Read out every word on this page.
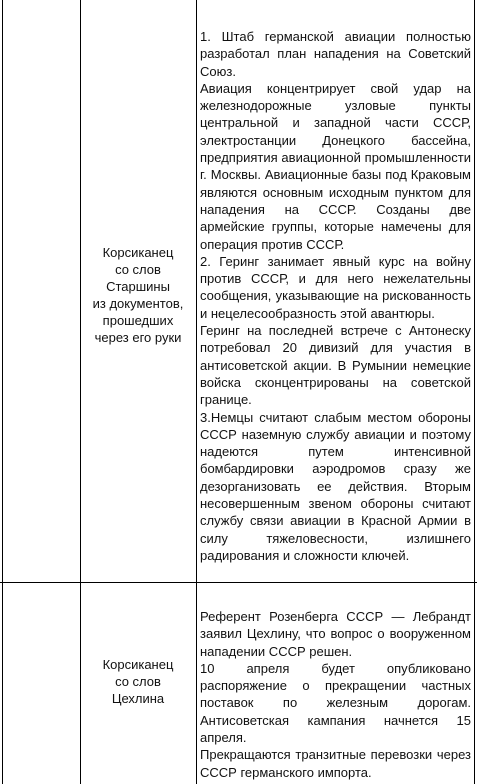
Корсиканец
со слов
Старшины
из документов,
прошедших
через его руки

1. Штаб германской авиации полностью разработал план нападения на Советский Союз.

Авиация концентрирует свой удар на железнодорожные узловые пункты центральной и западной части СССР, электростанции Донецкого бассейна, предприятия авиационной промышленности г. Москвы. Авиационные базы под Краковым являются основным исходным пунктом для нападения на СССР. Созданы две армейские группы, которые намечены для операция против СССР.

2. Геринг занимает явный курс на войну против СССР, и для него нежелательны сообщения, указывающие на рискованность и нецелесообразность этой авантюры.

Геринг на последней встрече с Антонеску потребовал 20 дивизий для участия в антисоветской акции. В Румынии немецкие войска сконцентрированы на советской границе.

3.Немцы считают слабым местом обороны СССР наземную службу авиации и поэтому надеются путем интенсивной бомбардировки аэродромов сразу же дезорганизовать ее действия. Вторым несовершенным звеном обороны считают службу связи авиации в Красной Армии в силу тяжеловесности, излишнего радирования и сложности ключей.

Корсиканец
со слов
Цехлина

Референт Розенберга СССР — Лебрандт заявил Цехлину, что вопрос о вооруженном нападении СССР решен.

10 апреля будет опубликовано распоряжение о прекращении частных поставок по железным дорогам. Антисоветская кампания начнется 15 апреля.

Прекращаются транзитные перевозки через СССР германского импорта.
